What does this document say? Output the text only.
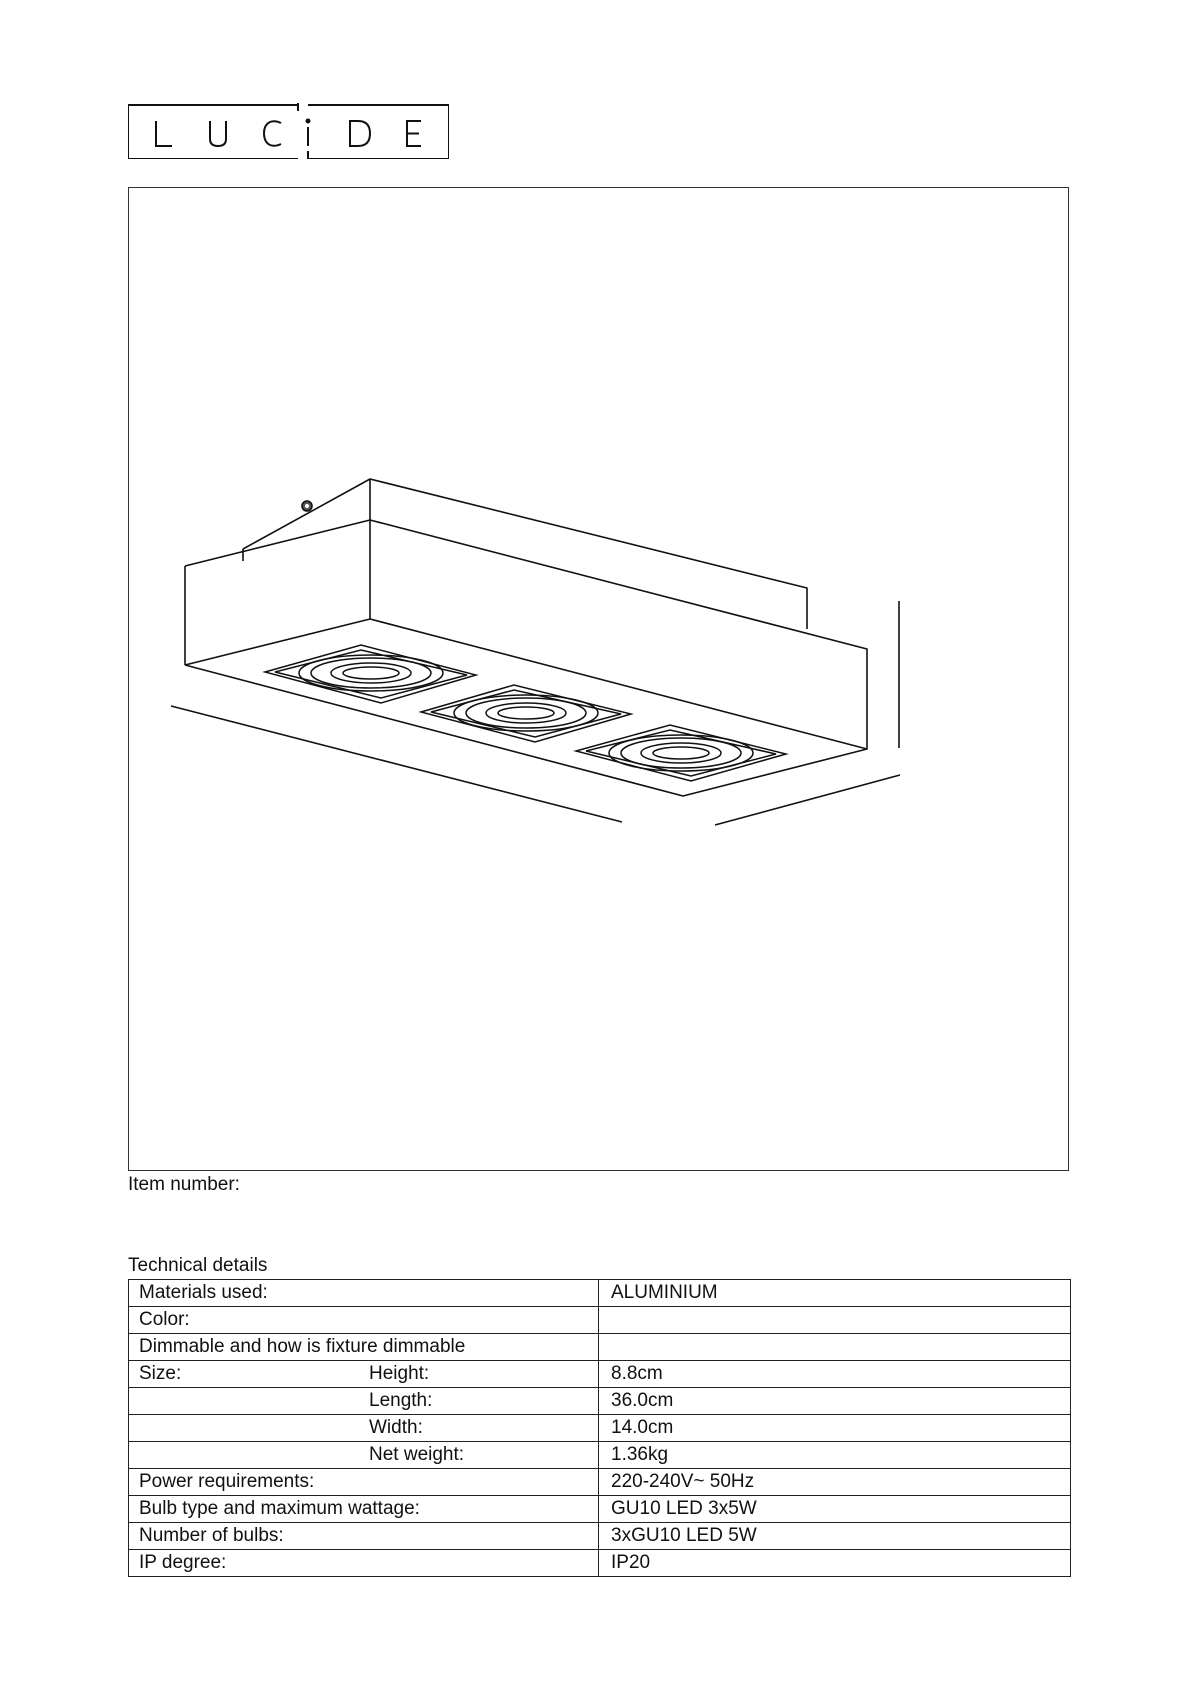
Item number:
Technical details
Materials used:	ALUMINIUM
Color:

Dimmable and how is fixture dimmable

Size: Height:	8.8cm

Length:	36.0cm

Width:	14.0cm

Net weight:	1.36kg
Power requirements:	220-240V~ 50Hz
Bulb type and maximum wattage:	GU10 LED 3x5W
Number of bulbs:	3xGU10 LED 5W
IP degree:	IP20
